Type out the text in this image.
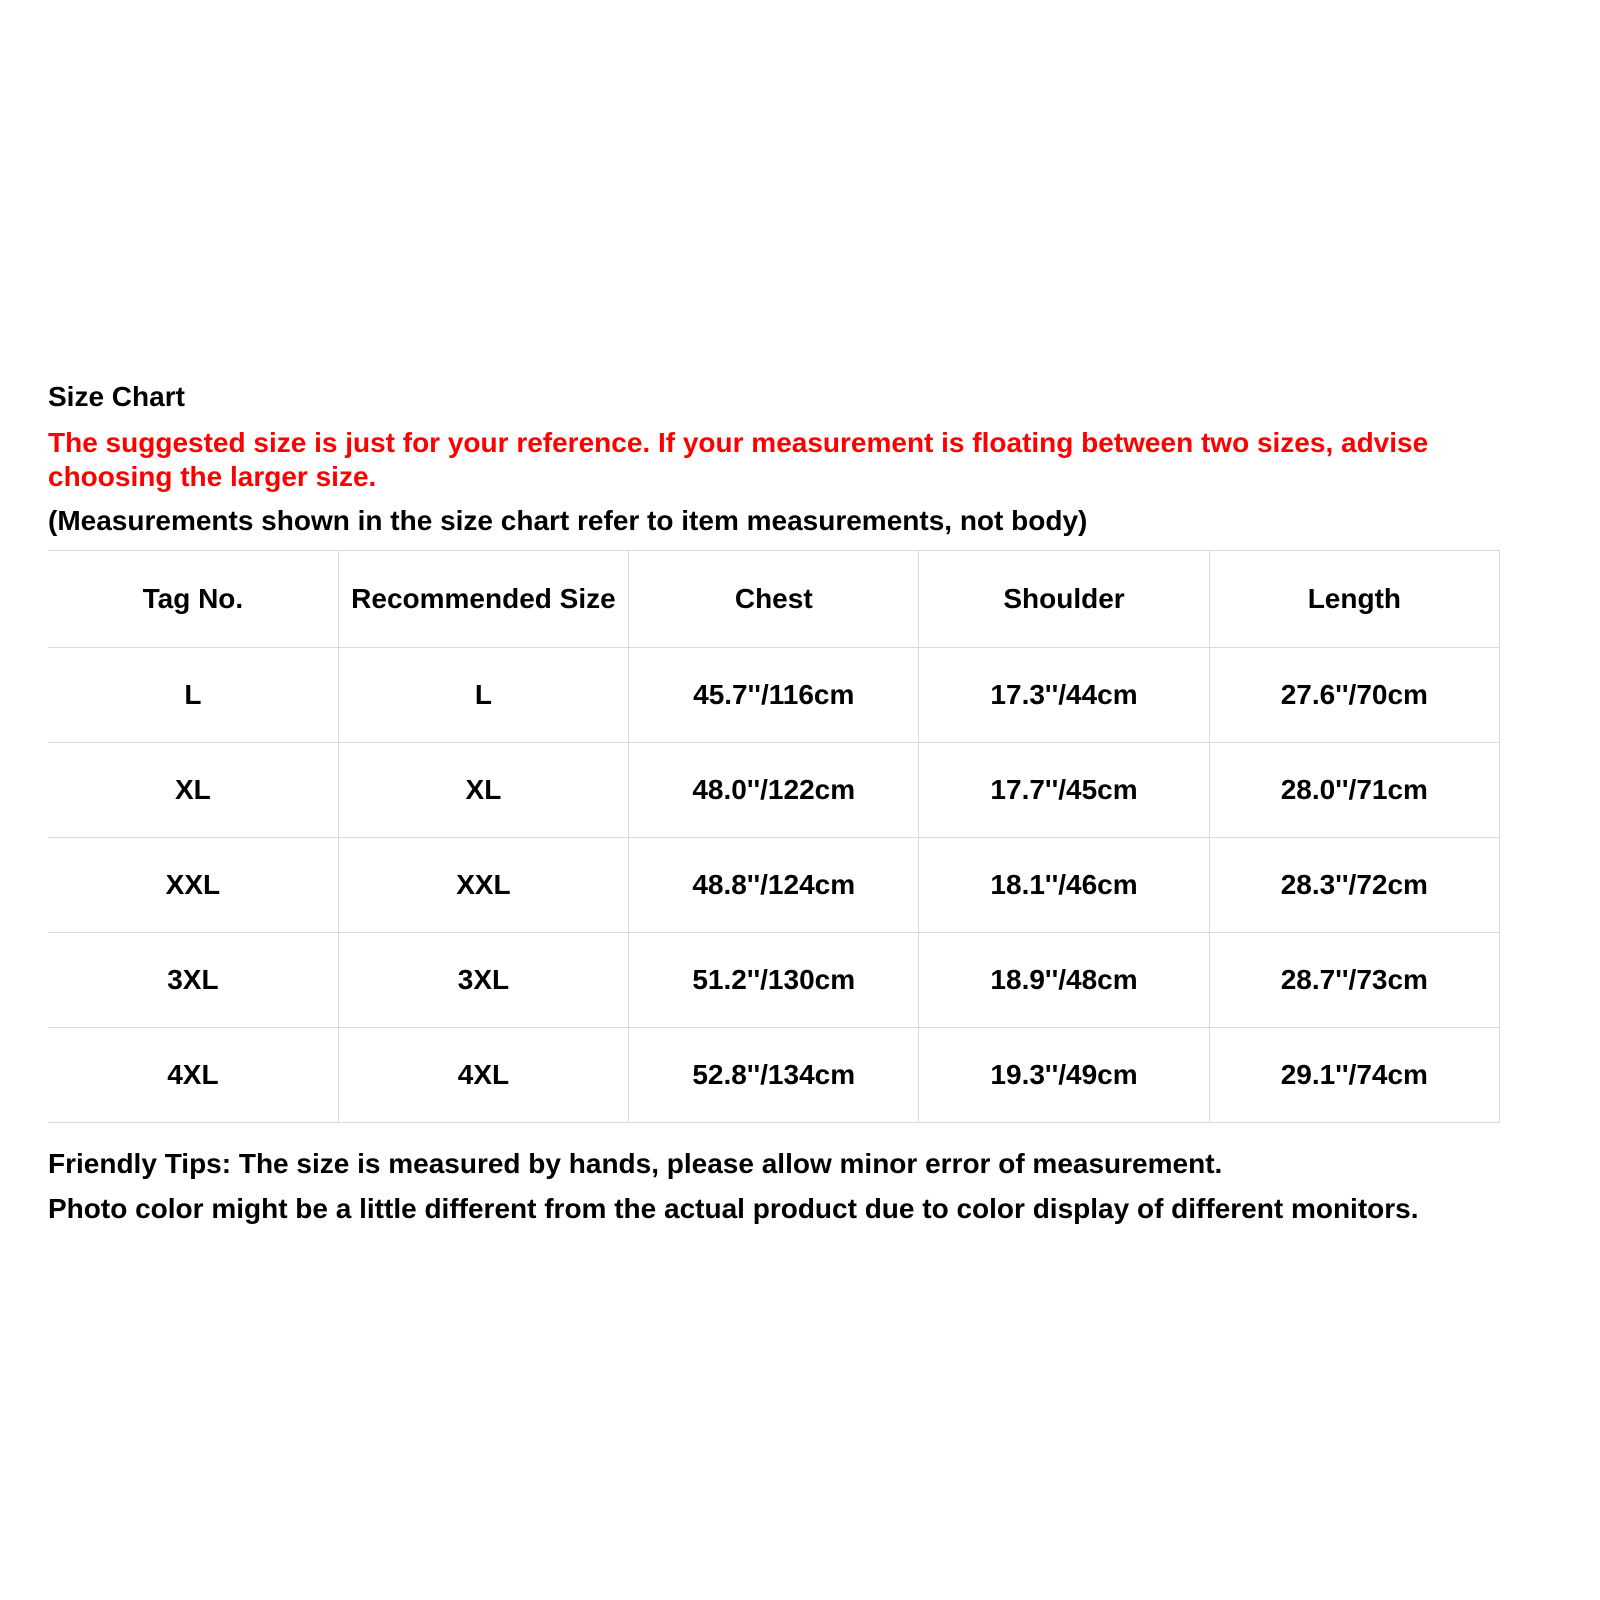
Size Chart
The suggested size is just for your reference. If your measurement is floating between two sizes, advise choosing the larger size.
(Measurements shown in the size chart refer to item measurements, not body)
Tag No.	Recommended Size	Chest	Shoulder	Length
L	L	45.7''/116cm	17.3''/44cm	27.6''/70cm
XL	XL	48.0''/122cm	17.7''/45cm	28.0''/71cm
XXL	XXL	48.8''/124cm	18.1''/46cm	28.3''/72cm
3XL	3XL	51.2''/130cm	18.9''/48cm	28.7''/73cm
4XL	4XL	52.8''/134cm	19.3''/49cm	29.1''/74cm
Friendly Tips: The size is measured by hands, please allow minor error of measurement.
Photo color might be a little different from the actual product due to color display of different monitors.
